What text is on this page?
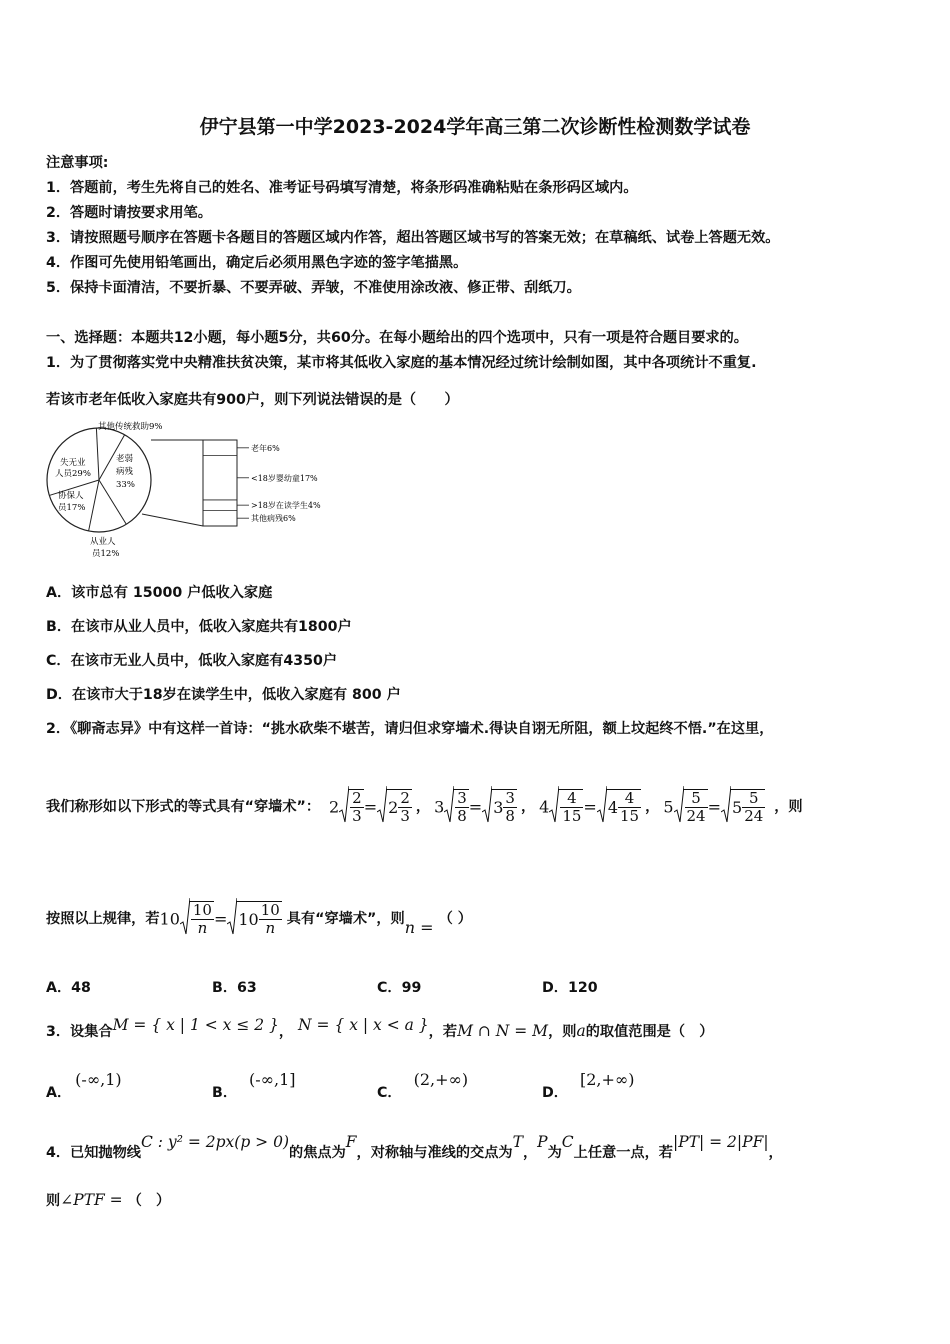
伊宁县第一中学2023-2024学年高三第二次诊断性检测数学试卷
注意事项:
1．答题前，考生先将自己的姓名、准考证号码填写清楚，将条形码准确粘贴在条形码区域内。
2．答题时请按要求用笔。
3．请按照题号顺序在答题卡各题目的答题区域内作答，超出答题区域书写的答案无效；在草稿纸、试卷上答题无效。
4．作图可先使用铅笔画出，确定后必须用黑色字迹的签字笔描黑。
5．保持卡面清洁，不要折暴、不要弄破、弄皱，不准使用涂改液、修正带、刮纸刀。
一、选择题：本题共12小题，每小题5分，共60分。在每小题给出的四个选项中，只有一项是符合题目要求的。
1．为了贯彻落实党中央精准扶贫决策，某市将其低收入家庭的基本情况经过统计绘制如图，其中各项统计不重复.
若该市老年低收入家庭共有900户，则下列说法错误的是（　　）
老年6%
<18岁婴幼童17%
>18岁在读学生4%
其他病残6%
其他传统救助9%
失无业
人员29%
老弱
病残
33%
协保人
员17%
从业人
员12%
A．该市总有 15000 户低收入家庭
B．在该市从业人员中，低收入家庭共有1800户
C．在该市无业人员中，低收入家庭有4350户
D．在该市大于18岁在读学生中，低收入家庭有 800 户
2．《聊斋志异》中有这样一首诗：“挑水砍柴不堪苦，请归但求穿墙术.得诀自诩无所阻，额上坟起终不悟.”在这里，
我们称形如以下形式的等式具有“穿墙术”： $2 \frac{2}{3} = 2 \frac{2}{3}$ ， $3 \frac{3}{8} = 3 \frac{3}{8}$ ， $4 \frac{4}{15} = 4 \frac{4}{15}$ ， $5 \frac{5}{24} = 5 \frac{5}{24}$ ，则
按照以上规律，若$10 \frac{10}{n} = 10 \frac{10}{n}$ 具有“穿墙术”，则n = （ ）
A．48	B．63	C．99	D．120
3．设集合M = { x | 1 < x ≤ 2 }， N = { x | x < a }，若M ∩ N = M，则a的取值范围是（　）
A．(-∞,1)
B．(-∞,1]
C．(2,+∞)
D．[2,+∞)
4．已知抛物线C : y² = 2px(p > 0)的焦点为F，对称轴与准线的交点为T，P为C上任意一点，若|PT| = 2|PF|，
则∠PTF = （　）
